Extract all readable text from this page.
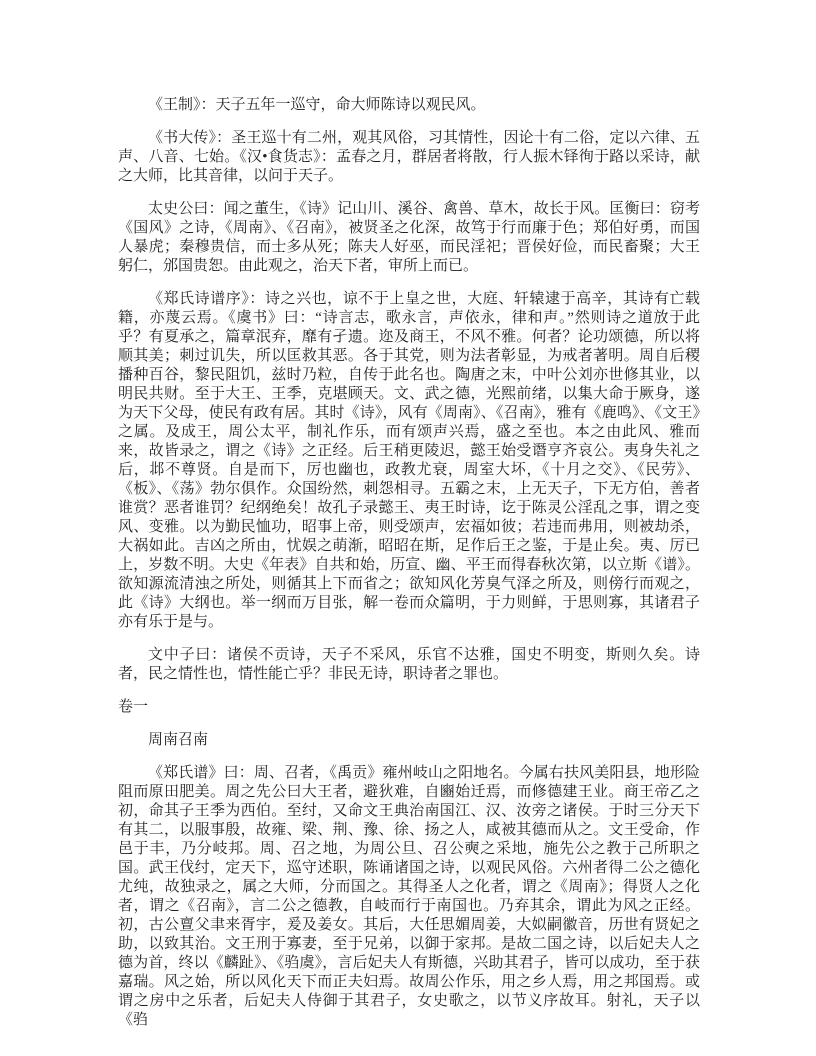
《王制》：天子五年一巡守，命大师陈诗以观民风。

《书大传》：圣王巡十有二州，观其风俗，习其情性，因论十有二俗，定以六律、五声、八音、七始。《汉•食货志》：孟春之月，群居者将散，行人振木铎徇于路以采诗，献之大师，比其音律，以问于天子。

太史公曰：闻之董生，《诗》记山川、溪谷、禽兽、草木，故长于风。匡衡曰：窃考《国风》之诗，《周南》、《召南》，被贤圣之化深，故笃于行而廉于色；郑伯好勇，而国人暴虎；秦穆贵信，而士多从死；陈夫人好巫，而民淫祀；晋侯好俭，而民畜聚；大王躬仁，邠国贵恕。由此观之，治天下者，审所上而已。

《郑氏诗谱序》：诗之兴也，谅不于上皇之世，大庭、轩辕逮于高辛，其诗有亡载籍，亦蔑云焉。《虞书》曰：“诗言志，歌永言，声依永，律和声。”然则诗之道放于此乎？有夏承之，篇章泯弃，靡有孑遗。迩及商王，不风不雅。何者？论功颂德，所以将顺其美；刺过讥失，所以匡救其恶。各于其党，则为法者彰显，为戒者著明。周自后稷播种百谷，黎民阻饥，兹时乃粒，自传于此名也。陶唐之末，中叶公刘亦世修其业，以明民共财。至于大王、王季，克堪顾天。文、武之德，光熙前绪，以集大命于厥身，遂为天下父母，使民有政有居。其时《诗》，风有《周南》、《召南》，雅有《鹿鸣》、《文王》之属。及成王，周公太平，制礼作乐，而有颂声兴焉，盛之至也。本之由此风、雅而来，故皆录之，谓之《诗》之正经。后王稍更陵迟，懿王始受谮亨齐哀公。夷身失礼之后，邶不尊贤。自是而下，厉也幽也，政教尤衰，周室大坏，《十月之交》、《民劳》、《板》、《荡》勃尔俱作。众国纷然，刺怨相寻。五霸之末，上无天子，下无方伯，善者谁赏？恶者谁罚？纪纲绝矣！故孔子录懿王、夷王时诗，讫于陈灵公淫乱之事，谓之变风、变雅。以为勤民恤功，昭事上帝，则受颂声，宏福如彼；若违而弗用，则被劫杀，大祸如此。吉凶之所由，忧娱之萌渐，昭昭在斯，足作后王之鉴，于是止矣。夷、厉已上，岁数不明。大史《年表》自共和始，历宣、幽、平王而得春秋次第，以立斯《谱》。欲知源流清浊之所处，则循其上下而省之；欲知风化芳臭气泽之所及，则傍行而观之，此《诗》大纲也。举一纲而万目张，解一卷而众篇明，于力则鲜，于思则寡，其诸君子亦有乐于是与。

文中子曰：诸侯不贡诗，天子不采风，乐官不达雅，国史不明变，斯则久矣。诗者，民之情性也，情性能亡乎？非民无诗，职诗者之罪也。

卷一

周南召南

《郑氏谱》曰：周、召者，《禹贡》雍州岐山之阳地名。今属右扶风美阳县，地形险阻而原田肥美。周之先公曰大王者，避狄难，自豳始迁焉，而修德建王业。商王帝乙之初，命其子王季为西伯。至纣，又命文王典治南国江、汉、汝旁之诸侯。于时三分天下有其二，以服事殷，故雍、梁、荆、豫、徐、扬之人，咸被其德而从之。文王受命，作邑于丰，乃分岐邦。周、召之地，为周公旦、召公奭之采地，施先公之教于己所职之国。武王伐纣，定天下，巡守述职，陈诵诸国之诗，以观民风俗。六州者得二公之德化尤纯，故独录之，属之大师，分而国之。其得圣人之化者，谓之《周南》；得贤人之化者，谓之《召南》，言二公之德教，自岐而行于南国也。乃弃其余，谓此为风之正经。初，古公亶父聿来胥宇，爰及姜女。其后，大任思媚周姜，大姒嗣徽音，历世有贤妃之助，以致其治。文王刑于寡妻，至于兄弟，以御于家邦。是故二国之诗，以后妃夫人之德为首，终以《麟趾》、《驺虞》，言后妃夫人有斯德，兴助其君子，皆可以成功，至于获嘉瑞。风之始，所以风化天下而正夫妇焉。故周公作乐，用之乡人焉，用之邦国焉。或谓之房中之乐者，后妃夫人侍御于其君子，女史歌之，以节义序故耳。射礼，天子以《驺
